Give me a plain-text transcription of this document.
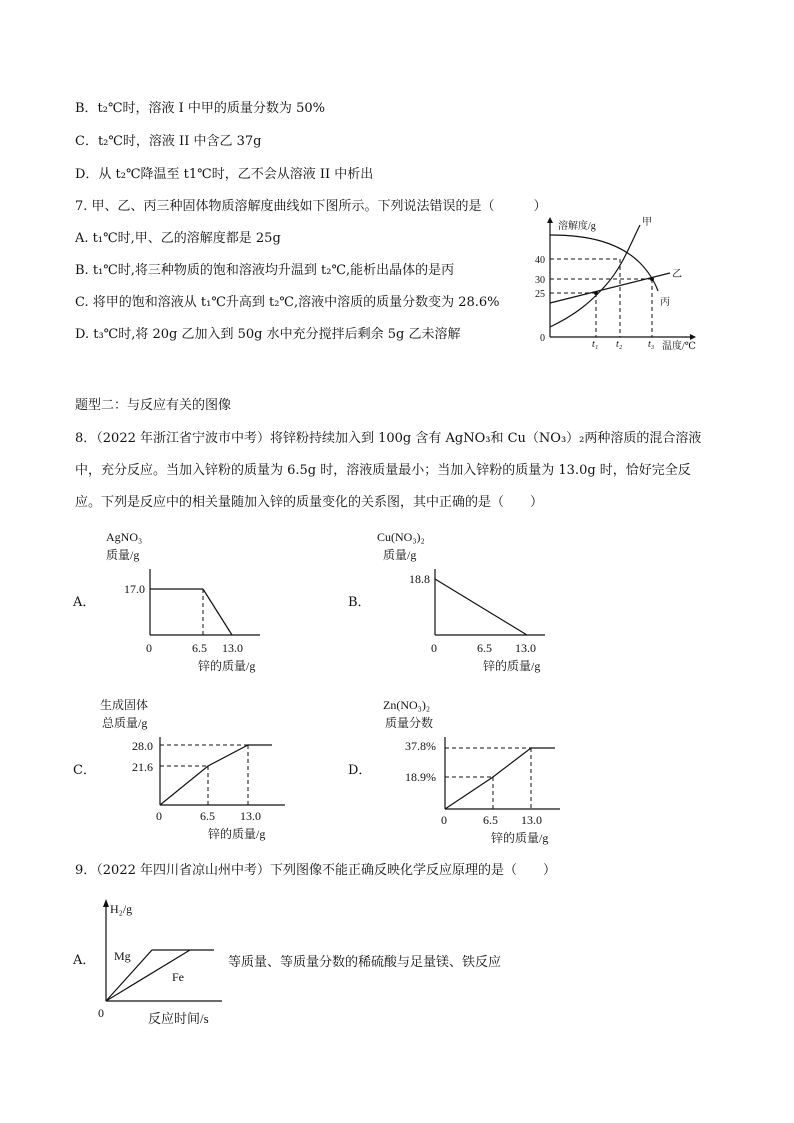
B．t₂℃时，溶液 I 中甲的质量分数为 50%
C．t₂℃时，溶液 II 中含乙 37g
D．从 t₂℃降温至 t1℃时，乙不会从溶液 II 中析出
7. 甲、乙、丙三种固体物质溶解度曲线如下图所示。下列说法错误的是（　　　）
A. t₁℃时,甲、乙的溶解度都是 25g
B. t₁℃时,将三种物质的饱和溶液均升温到 t₂℃,能析出晶体的是丙
C. 将甲的饱和溶液从 t₁℃升高到 t₂℃,溶液中溶质的质量分数变为 28.6%
D. t₃℃时,将 20g 乙加入到 50g 水中充分搅拌后剩余 5g 乙未溶解
溶解度/g
温度/℃
0
40
30
25
t₁ t₂	t₃
甲
乙
丙
题型二：与反应有关的图像
8．（2022 年浙江省宁波市中考）将锌粉持续加入到 100g 含有 AgNO₃和 Cu（NO₃）₂两种溶质的混合溶液
中，充分反应。当加入锌粉的质量为 6.5g 时，溶液质量最小；当加入锌粉的质量为 13.0g 时，恰好完全反
应。下列是反应中的相关量随加入锌的质量变化的关系图，其中正确的是（　　）
A．
AgNO₃
质量/g
17.0
0	6.5 13.0
锌的质量/g
B．
Cu(NO₃)₂
质量/g
18.8
0	6.5 13.0
锌的质量/g
C．
生成固体
总质量/g
28.0
21.6
0	6.5 13.0
锌的质量/g
D．
Zn(NO₃)₂
质量分数
37.8%
18.9%
0	6.5 13.0
锌的质量/g
9．（2022 年四川省凉山州中考）下列图像不能正确反映化学反应原理的是（　　）
A．
H₂/g
0	反应时间/s
Mg
Fe
等质量、等质量分数的稀硫酸与足量镁、铁反应
